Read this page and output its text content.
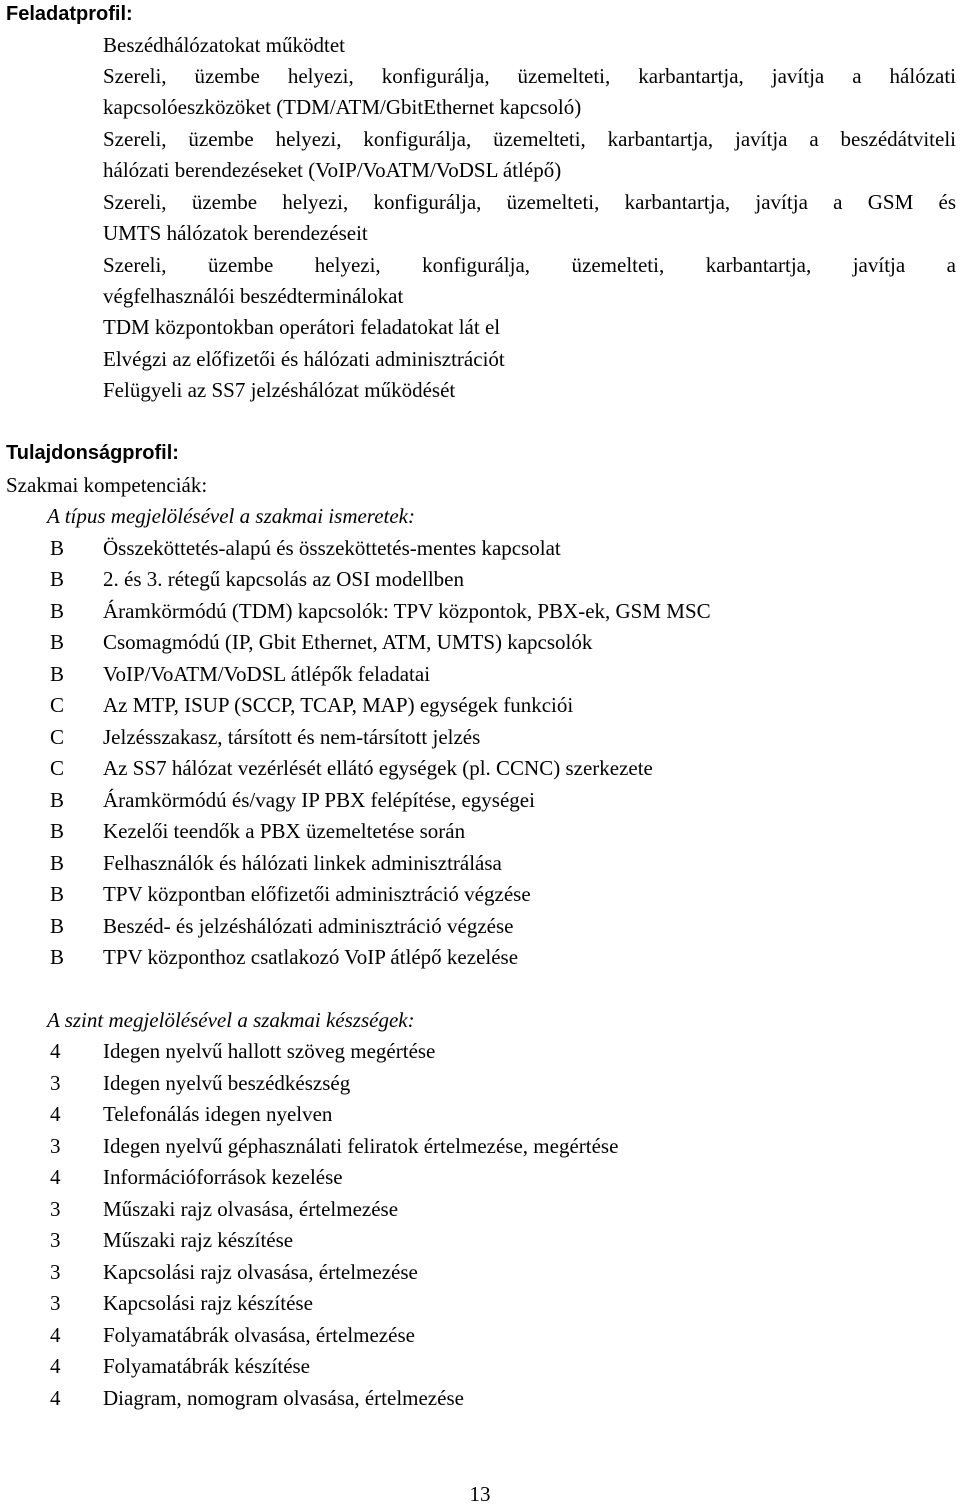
Feladatprofil:
Beszédhálózatokat működtet
Szereli, üzembe helyezi, konfigurálja, üzemelteti, karbantartja, javítja a hálózati
kapcsolóeszközöket (TDM/ATM/GbitEthernet kapcsoló)
Szereli, üzembe helyezi, konfigurálja, üzemelteti, karbantartja, javítja a beszédátviteli
hálózati berendezéseket (VoIP/VoATM/VoDSL átlépő)
Szereli, üzembe helyezi, konfigurálja, üzemelteti, karbantartja, javítja a GSM és
UMTS hálózatok berendezéseit
Szereli, üzembe helyezi, konfigurálja, üzemelteti, karbantartja, javítja a
végfelhasználói beszédterminálokat
TDM központokban operátori feladatokat lát el
Elvégzi az előfizetői és hálózati adminisztrációt
Felügyeli az SS7 jelzéshálózat működését
Tulajdonságprofil:
Szakmai kompetenciák:
A típus megjelölésével a szakmai ismeretek:
B	Összeköttetés-alapú és összeköttetés-mentes kapcsolat
B	2. és 3. rétegű kapcsolás az OSI modellben
B	Áramkörmódú (TDM) kapcsolók: TPV központok, PBX-ek, GSM MSC
B	Csomagmódú (IP, Gbit Ethernet, ATM, UMTS) kapcsolók
B	VoIP/VoATM/VoDSL átlépők feladatai
C	Az MTP, ISUP (SCCP, TCAP, MAP) egységek funkciói
C	Jelzésszakasz, társított és nem-társított jelzés
C	Az SS7 hálózat vezérlését ellátó egységek (pl. CCNC) szerkezete
B	Áramkörmódú és/vagy IP PBX felépítése, egységei
B	Kezelői teendők a PBX üzemeltetése során
B	Felhasználók és hálózati linkek adminisztrálása
B	TPV központban előfizetői adminisztráció végzése
B	Beszéd- és jelzéshálózati adminisztráció végzése
B	TPV központhoz csatlakozó VoIP átlépő kezelése
A szint megjelölésével a szakmai készségek:
4	Idegen nyelvű hallott szöveg megértése
3	Idegen nyelvű beszédkészség
4	Telefonálás idegen nyelven
3	Idegen nyelvű géphasználati feliratok értelmezése, megértése
4	Információforrások kezelése
3	Műszaki rajz olvasása, értelmezése
3	Műszaki rajz készítése
3	Kapcsolási rajz olvasása, értelmezése
3	Kapcsolási rajz készítése
4	Folyamatábrák olvasása, értelmezése
4	Folyamatábrák készítése
4	Diagram, nomogram olvasása, értelmezése
13
